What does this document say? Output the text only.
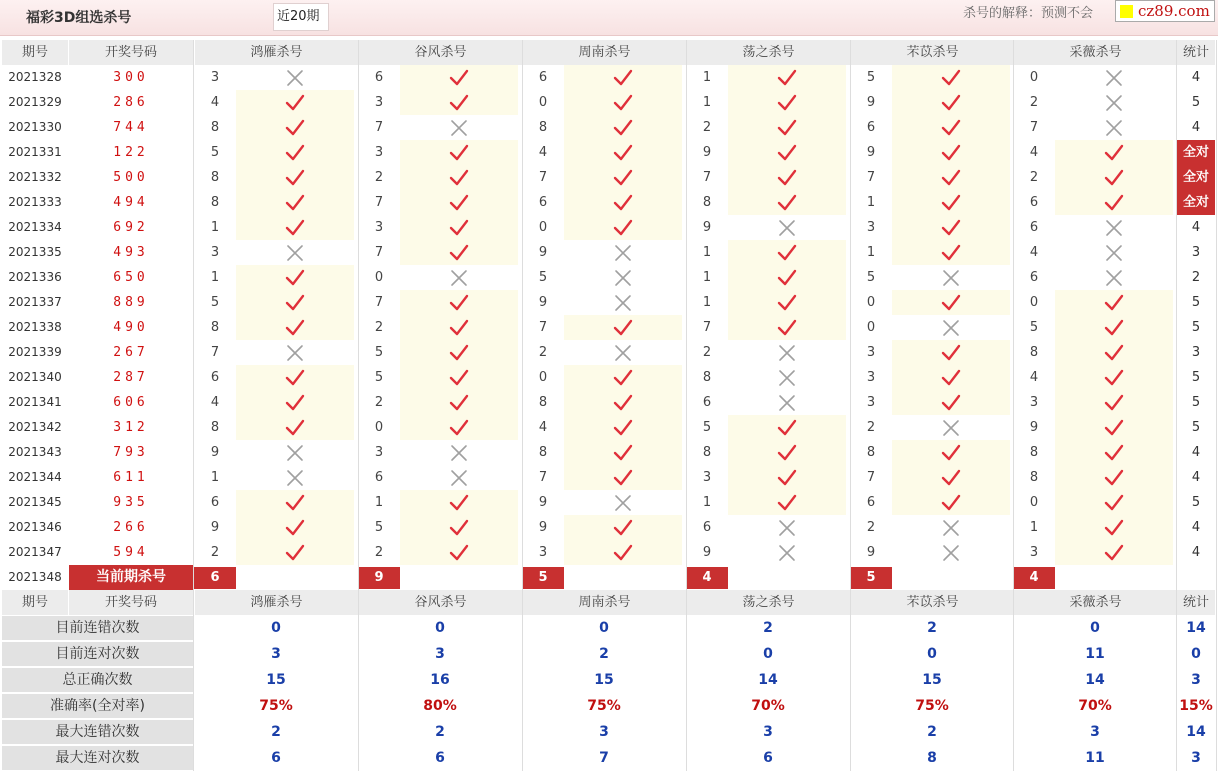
福彩3D组选杀号	近20期	杀号的解释：预测不会	cz89.com
期号	开奖号码	鸿雁杀号	谷风杀号	周南杀号	荡之杀号	芣苡杀号	采薇杀号	统计
2021328	300	3	6	6	1	5	0	4
2021329	286	4	3	0	1	9	2	5
2021330	744	8	7	8	2	6	7	4
2021331	122	5	3	4	9	9	4	全对
2021332	500	8	2	7	7	7	2	全对
2021333	494	8	7	6	8	1	6	全对
2021334	692	1	3	0	9	3	6	4
2021335	493	3	7	9	1	1	4	3
2021336	650	1	0	5	1	5	6	2
2021337	889	5	7	9	1	0	0	5
2021338	490	8	2	7	7	0	5	5
2021339	267	7	5	2	2	3	8	3
2021340	287	6	5	0	8	3	4	5
2021341	606	4	2	8	6	3	3	5
2021342	312	8	0	4	5	2	9	5
2021343	793	9	3	8	8	8	8	4
2021344	611	1	6	7	3	7	8	4
2021345	935	6	1	9	1	6	0	5
2021346	266	9	5	9	6	2	1	4
2021347	594	2	2	3	9	9	3	4
2021348	当前期杀号	6	9	5	4	5	4
期号	开奖号码	鸿雁杀号	谷风杀号	周南杀号	荡之杀号	芣苡杀号	采薇杀号	统计
目前连错次数	0	0	0	2	2	0	14
目前连对次数	3	3	2	0	0	11	0
总正确次数	15	16	15	14	15	14	3
准确率(全对率)	75%	80%	75%	70%	75%	70%	15%
最大连错次数	2	2	3	3	2	3	14
最大连对次数	6	6	7	6	8	11	3
